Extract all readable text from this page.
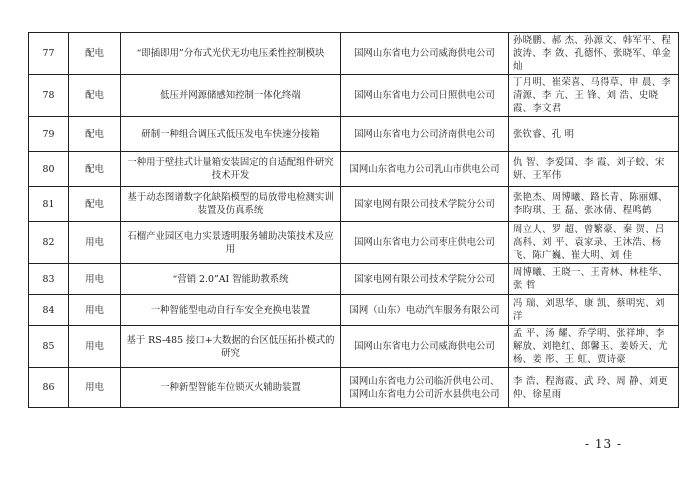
77	配电	“即插即用”分布式光伏无功电压柔性控制模块	国网山东省电力公司威海供电公司	孙晓鹏、郝 杰、孙源文、韩军平、程波涛、李 敛、孔德怀、张晓军、单金灿
78	配电	低压并网源储感知控制一体化终端	国网山东省电力公司日照供电公司	丁月明、崔荣喜、马得草、申 晨、李清源、李 亢、王 锋、刘 浩、史晓霞、李文君
79	配电	研制一种组合调压式低压发电车快速分接箱	国网山东省电力公司济南供电公司	张钦睿、孔 明
80	配电	一种用于壁挂式计量箱安装固定的自适配组件研究技术开发	国网山东省电力公司乳山市供电公司	仇 智、李爱国、李 霞、刘子蛟、宋 妍、王军伟
81	配电	基于动态图谱数字化缺陷模型的局放带电检测实训装置及仿真系统	国家电网有限公司技术学院分公司	张艳杰、周博曦、路长青、陈丽娜、李昀琪、王 磊、张冰倩、程鸣鹤
82	用电	石榴产业园区电力实景透明服务辅助决策技术及应用	国网山东省电力公司枣庄供电公司	周立人、罗 超、曾繁豪、秦 贺、吕高科、刘 平、袁家录、王沐浩、杨 飞、陈广巍、崔大明、刘 佳
83	用电	“营销 2.0”AI 智能助教系统	国家电网有限公司技术学院分公司	周博曦、王晓一、王青林、林桂华、张 哲
84	用电	一种智能型电动自行车安全充换电装置	国网（山东）电动汽车服务有限公司	冯 瑞、刘思华、康 凯、蔡明宪、刘 洋
85	用电	基于 RS-485 接口+大数据的台区低压拓扑模式的研究	国网山东省电力公司威海供电公司	孟 平、汤 耀、乔学明、张祥坤、李解放、刘艳红、郎馨玉、姜娇天、尤 杨、姜 彤、王 虹、贾诗豪
86	用电	一种新型智能车位锁灭火辅助装置	国网山东省电力公司临沂供电公司、国网山东省电力公司沂水县供电公司	李 浩、程海霞、武 玲、周 静、刘更仲、徐星雨
- 13 -
